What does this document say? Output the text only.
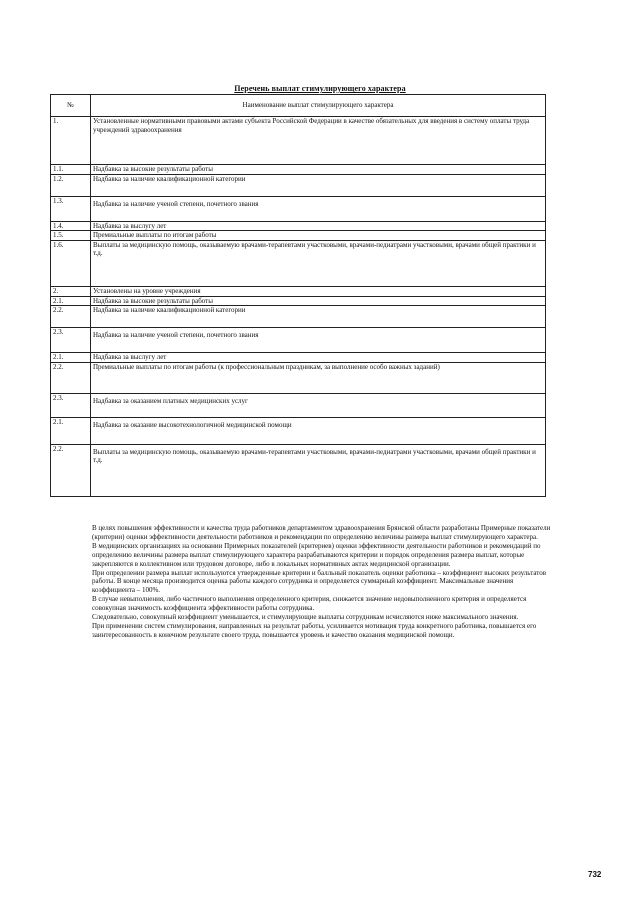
Перечень выплат стимулирующего характера
№	Наименование выплат стимулирующего характера
1.	Установленные нормативными правовыми актами субъекта Российской Федерации в качестве обязательных для введения в систему оплаты труда учреждений здравоохранения
1.1.	Надбавка за высокие результаты работы
1.2.	Надбавка за наличие квалификационной категории
1.3.	Надбавка за наличие ученой степени, почетного звания
1.4.	Надбавка за выслугу лет
1.5.	Премиальные выплаты по итогам работы
1.6.	Выплаты за медицинскую помощь, оказываемую врачами-терапевтами участковыми, врачами-педиатрами участковыми, врачами общей практики и т.д.
2.	Установлены на уровне учреждения
2.1.	Надбавка за высокие результаты работы
2.2.	Надбавка за наличие квалификационной категории
2.3.	Надбавка за наличие ученой степени, почетного звания
2.1.	Надбавка за выслугу лет
2.2.	Премиальные выплаты по итогам работы (к профессиональным праздникам, за выполнение особо важных заданий)
2.3.	Надбавка за оказанием платных медицинских услуг
2.1.	Надбавка за оказание высокотехнологичной медицинской помощи
2.2.	Выплаты за медицинскую помощь, оказываемую врачами-терапевтами участковыми, врачами-педиатрами участковыми, врачами общей практики и т.д.

В целях повышения эффективности и качества труда работников департаментом здравоохранения Брянской области разработаны Примерные показатели (критерии) оценки эффективности деятельности работников и рекомендации по определению величины размера выплат стимулирующего характера.

В медицинских организациях на основании Примерных показателей (критериев) оценки эффективности деятельности работников и рекомендаций по определению величины размера выплат стимулирующего характера разрабатываются критерии и порядок определения размера выплат, которые закрепляются в коллективном или трудовом договоре, либо в локальных нормативных актах медицинской организации.

При определении размера выплат используются утвержденные критерии и балльный показатель оценки работника – коэффициент высоких результатов работы. В конце месяца производится оценка работы каждого сотрудника и определяется суммарный коэффициент. Максимальные значения коэффициента – 100%.

В случае невыполнения, либо частичного выполнения определенного критерия, снижается значение недовыполненного критерия и определяется совокупная значимость коэффициента эффективности работы сотрудника.

Следовательно, совокупный коэффициент уменьшается, и стимулирующие выплаты сотрудникам исчисляются ниже максимального значения.

При применении систем стимулирования, направленных на результат работы, усиливается мотивация труда конкретного работника, повышается его заинтересованность в конечном результате своего труда, повышается уровень и качество оказания медицинской помощи.

732
